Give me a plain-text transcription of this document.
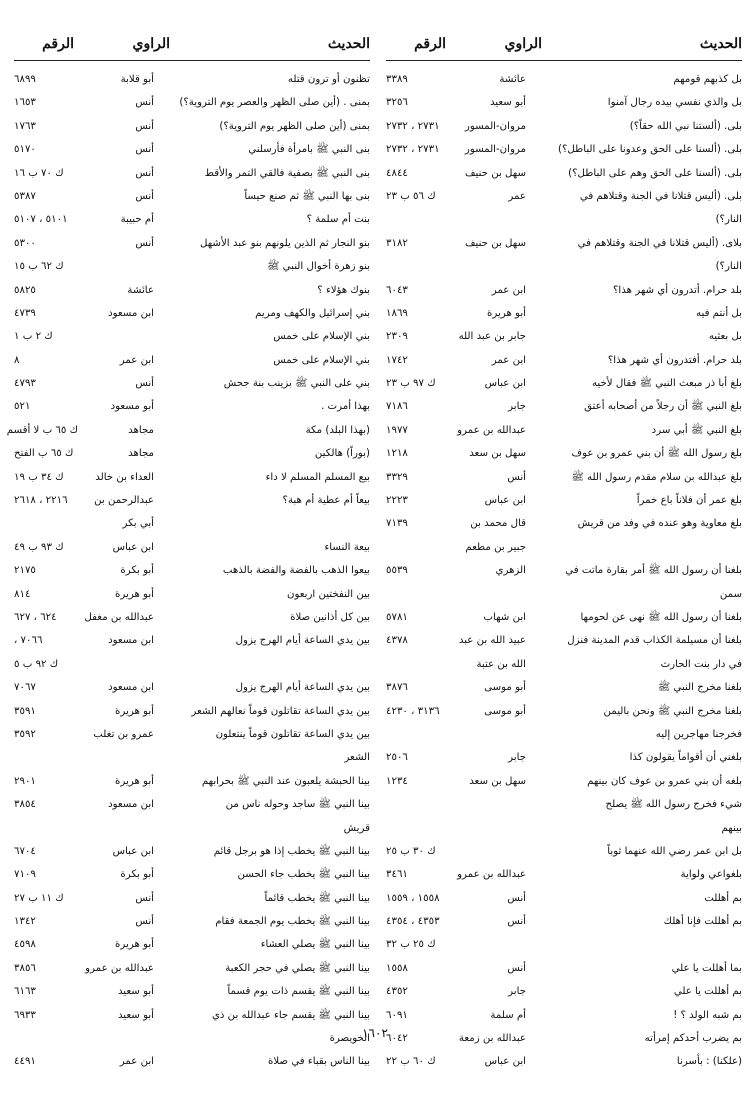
الحديث
الراوي
الرقم
بل كذبهم قومهم
عائشة
٣٣٨٩
بل والذي نفسي بيده رجال آمنوا
أبو سعيد
٣٢٥٦
بلى. (ألستنا نبي الله حقاً؟)
مروان-المسور
٢٧٣١ ، ٢٧٣٢
بلى. (ألسنا على الحق وعدونا على الباطل؟)
مروان-المسور
٢٧٣١ ، ٢٧٣٢
بلى. (ألسنا على الحق وهم على الباطل؟)
سهل بن حنيف
٤٨٤٤
بلى. (أليس قتلانا في الجنة وقتلاهم في
عمر
ك ٥٦ ب ٢٣
النار؟)
بلاى. (أليس قتلانا في الجنة وقتلاهم في
سهل بن حنيف
٣١٨٢
النار؟)
بلد حرام. أتدرون أي شهر هذا؟
ابن عمر
٦٠٤٣
بل أنتم فيه
أبو هريرة
١٨٦٩
بل بعثيه
جابر بن عبد الله
٢٣٠٩
بلد حرام. أفتدرون أي شهر هذا؟
ابن عمر
١٧٤٢
بلغ أبا ذر مبعث النبي ﷺ فقال لأخيه
ابن عباس
ك ٩٧ ب ٢٣
بلغ النبي ﷺ أن رجلاً من أصحابه أعتق
جابر
٧١٨٦
بلغ النبي ﷺ أبي سرد
عبدالله بن عمرو
١٩٧٧
بلغ رسول الله ﷺ أن بني عمرو بن عوف
سهل بن سعد
١٢١٨
بلغ عبدالله بن سلام مقدم رسول الله ﷺ
أنس
٣٣٢٩
بلغ عمر أن فلاناً باع خمراً
ابن عباس
٢٢٢٣
بلغ معاوية وهو عنده في وفد من قريش
قال محمد بن
٧١٣٩
جبير بن مطعم
بلغنا أن رسول الله ﷺ أمر بقارة ماتت في
الزهري
٥٥٣٩
سمن
بلغنا أن رسول الله ﷺ نهى عن لحومها
ابن شهاب
٥٧٨١
بلغنا أن مسيلمة الكذاب قدم المدينة فنزل
عبيد الله بن عبد
٤٣٧٨
في دار بنت الحارث
الله بن عتبة
بلغنا مخرج النبي ﷺ
أبو موسى
٣٨٧٦
بلغنا مخرج النبي ﷺ ونحن باليمن
أبو موسى
٣١٣٦ ، ٤٢٣٠
فخرجنا مهاجرين إليه
بلغني أن أقواماً يقولون كذا
جابر
٢٥٠٦
بلغه أن بني عمرو بن عوف كان بينهم
سهل بن سعد
١٢٣٤
شيء فخرج رسول الله ﷺ يصلح
بينهم
بل ابن عمر رضي الله عنهما ثوباً
ك ٣٠ ب ٢٥
بلغواعي ولواية
عبدالله بن عمرو
٣٤٦١
بم أهللت
أنس
١٥٥٨ ، ١٥٥٩
بم أهللت فإنا أهلك
أنس
٤٣٥٣ ، ٤٣٥٤
ك ٢٥ ب ٣٢
بما أهللت يا علي
أنس
١٥٥٨
بم أهللت يا علي
جابر
٤٣٥٢
بم شبه الولد ؟ !
أم سلمة
٦٠٩١
بم يضرب أحدكم إمرأته
عبدالله بن زمعة
٦٠٤٢
(علكنا) : بأسرنا
ابن عباس
ك ٦٠ ب ٢٢
الحديث
الراوي
الرقم
تظنون أو ترون قتله
أبو قلابة
٦٨٩٩
بمنى . (أين صلى الظهر والعصر يوم التروية؟)
أنس
١٦٥٣
بمنى (أين صلى الظهر يوم التروية؟)
أنس
١٧٦٣
بنى النبي ﷺ بامرأة فأرسلني
أنس
٥١٧٠
بنى النبي ﷺ بصفية فالقي التمر والأقط
أنس
ك ٧٠ ب ١٦
بنى بها النبي ﷺ ثم صنع حيساً
أنس
٥٣٨٧
بنت أم سلمة ؟
أم حبيبة
٥١٠١ ، ٥١٠٧
بنو النجار ثم الذين يلونهم بنو عبد الأشهل
أنس
٥٣٠٠
بنو زهرة أخوال النبي ﷺ
ك ٦٢ ب ١٥
بنوك هؤلاء ؟
عائشة
٥٨٢٥
بني إسرائيل والكهف ومريم
ابن مسعود
٤٧٣٩
بني الإسلام على خمس
ك ٢ ب ١
بني الإسلام على خمس
ابن عمر
٨
بني على النبي ﷺ بزينب بنة جحش
أنس
٤٧٩٣
بهذا أمرت .
أبو مسعود
٥٢١
(بهذا البلد) مكة
مجاهد
ك ٦٥ ب لا أقسم
(بوراً) هالكين
مجاهد
ك ٦٥ ب الفتح
بيع المسلم المسلم لا داء
العداء بن خالد
ك ٣٤ ب ١٩
بيعاً أم عطية أم هبة؟
عبدالرحمن بن
٢٢١٦ ، ٢٦١٨
أبي بكر
بيعة النساء
ابن عباس
ك ٩٣ ب ٤٩
بيعوا الذهب بالفضة والفضة بالذهب
أبو بكرة
٢١٧٥
بين النفختين اربعون
أبو هريرة
٨١٤
بين كل أذانين صلاة
عبدالله بن مغفل
٦٢٤ ، ٦٢٧
بين يدي الساعة أيام الهرج يزول
ابن مسعود
٧٠٦٦ ،
ك ٩٢ ب ٥
بين يدي الساعة أيام الهرج يزول
ابن مسعود
٧٠٦٧
بين يدي الساعة تقاتلون قوماً نعالهم الشعر
أبو هريرة
٣٥٩١
بين يدي الساعة تقاتلون قوماً ينتعلون
عمرو بن تغلب
٣٥٩٢
الشعر
بينا الحبشة يلعبون عند النبي ﷺ بحرابهم
أبو هريرة
٢٩٠١
بينا النبي ﷺ ساجد وحوله ناس من
ابن مسعود
٣٨٥٤
قريش
بينا النبي ﷺ يخطب إذا هو برجل قائم
ابن عباس
٦٧٠٤
بينا النبي ﷺ يخطب جاء الحسن
أبو بكرة
٧١٠٩
بينا النبي ﷺ يخطب قائماً
أنس
ك ١١ ب ٢٧
بينا النبي ﷺ يخطب يوم الجمعة فقام
أنس
١٣٤٢
بينا النبي ﷺ يصلي العشاء
أبو هريرة
٤٥٩٨
بينا النبي ﷺ يصلي في حجر الكعبة
عبدالله بن عمرو
٣٨٥٦
بينا النبي ﷺ يقسم ذات يوم قسماً
أبو سعيد
٦١٦٣
بينا النبي ﷺ يقسم جاء عبدالله بن ذي
أبو سعيد
٦٩٣٣
الخويصرة
بينا الناس بقباء في صلاة
ابن عمر
٤٤٩١
١٦٠٢
